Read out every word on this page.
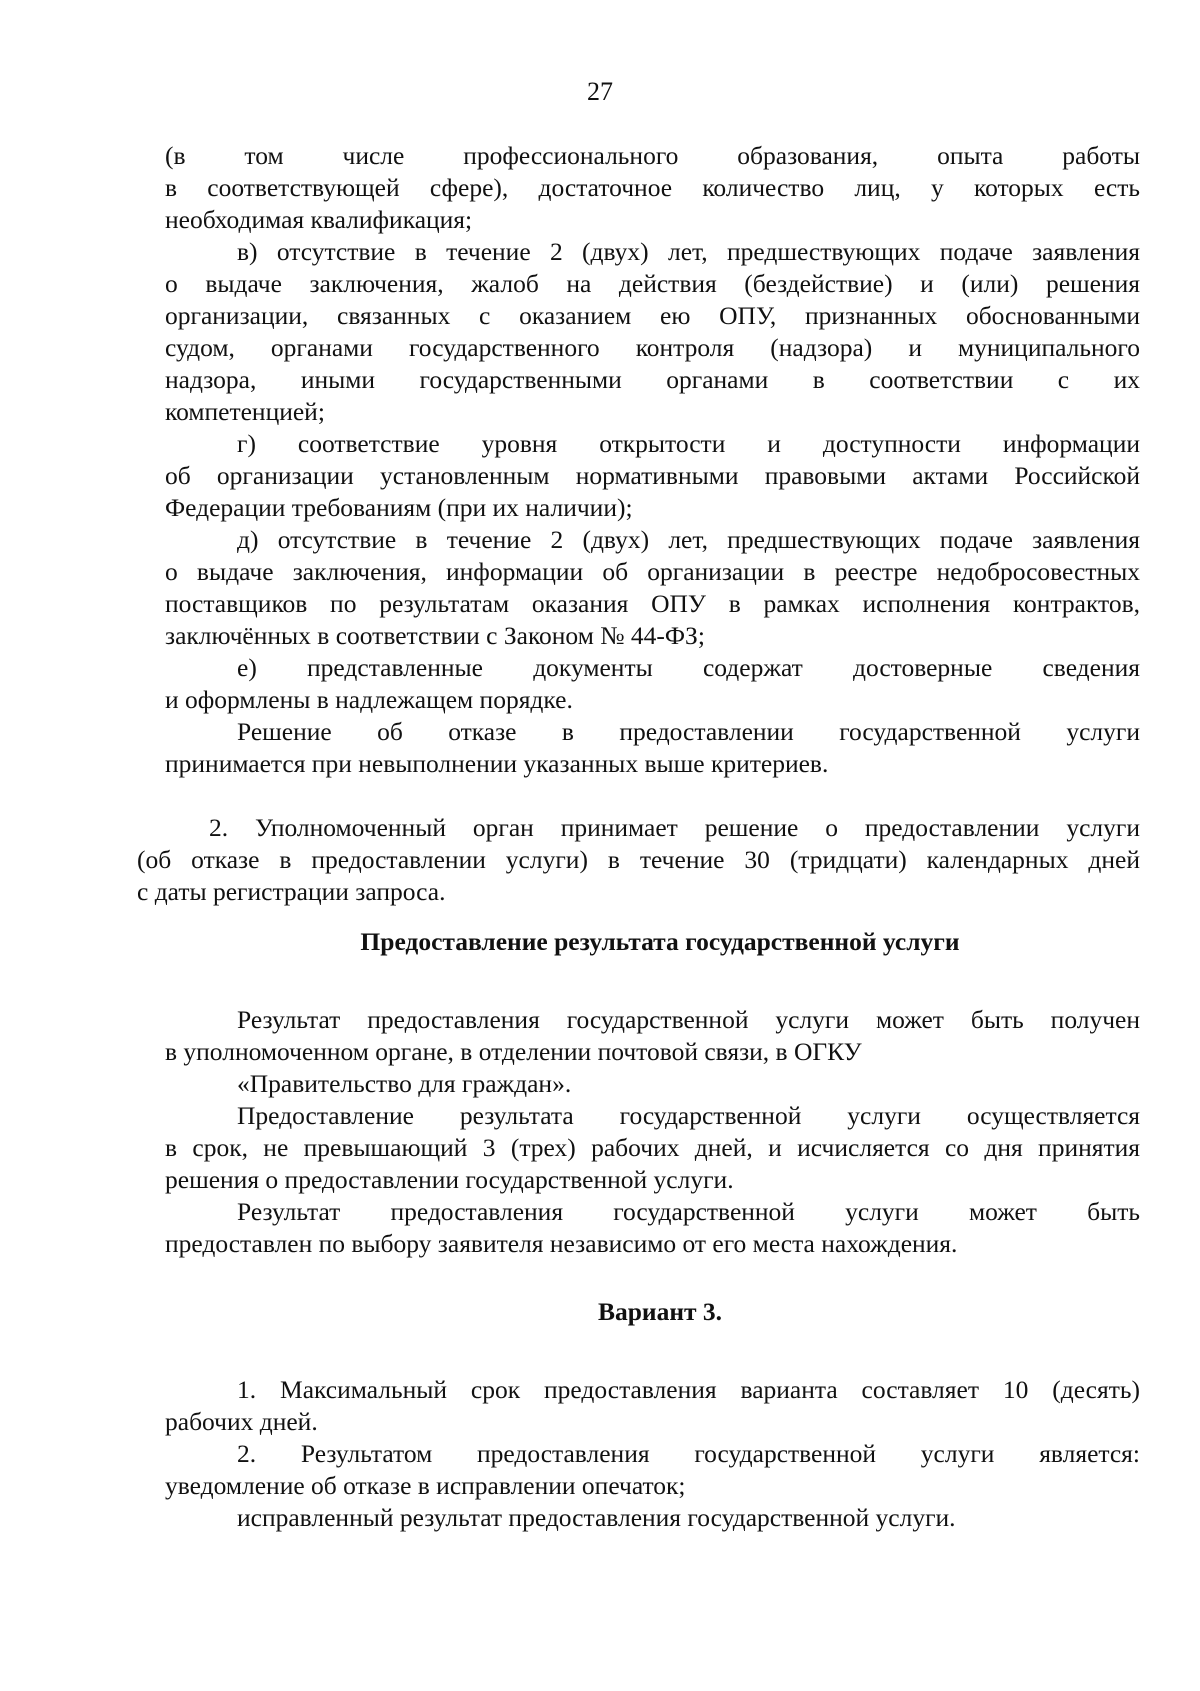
27
(в том числе профессионального образования, опыта работы
в соответствующей сфере), достаточное количество лиц, у которых есть
необходимая квалификация;
в) отсутствие в течение 2 (двух) лет, предшествующих подаче заявления
о выдаче заключения, жалоб на действия (бездействие) и (или) решения
организации, связанных с оказанием ею ОПУ, признанных обоснованными
судом, органами государственного контроля (надзора) и муниципального
надзора, иными государственными органами в соответствии с их
компетенцией;
г) соответствие уровня открытости и доступности информации
об организации установленным нормативными правовыми актами Российской
Федерации требованиям (при их наличии);
д) отсутствие в течение 2 (двух) лет, предшествующих подаче заявления
о выдаче заключения, информации об организации в реестре недобросовестных
поставщиков по результатам оказания ОПУ в рамках исполнения контрактов,
заключённых в соответствии с Законом № 44-ФЗ;
е) представленные документы содержат достоверные сведения
и оформлены в надлежащем порядке.
Решение об отказе в предоставлении государственной услуги
принимается при невыполнении указанных выше критериев.
2. Уполномоченный орган принимает решение о предоставлении услуги
(об отказе в предоставлении услуги) в течение 30 (тридцати) календарных дней
с даты регистрации запроса.
Предоставление результата государственной услуги
Результат предоставления государственной услуги может быть получен
в уполномоченном органе, в отделении почтовой связи, в ОГКУ
«Правительство для граждан».
Предоставление результата государственной услуги осуществляется
в срок, не превышающий 3 (трех) рабочих дней, и исчисляется со дня принятия
решения о предоставлении государственной услуги.
Результат предоставления государственной услуги может быть
предоставлен по выбору заявителя независимо от его места нахождения.
Вариант 3.
1. Максимальный срок предоставления варианта составляет 10 (десять)
рабочих дней.
2. Результатом предоставления государственной услуги является:
уведомление об отказе в исправлении опечаток;
исправленный результат предоставления государственной услуги.
